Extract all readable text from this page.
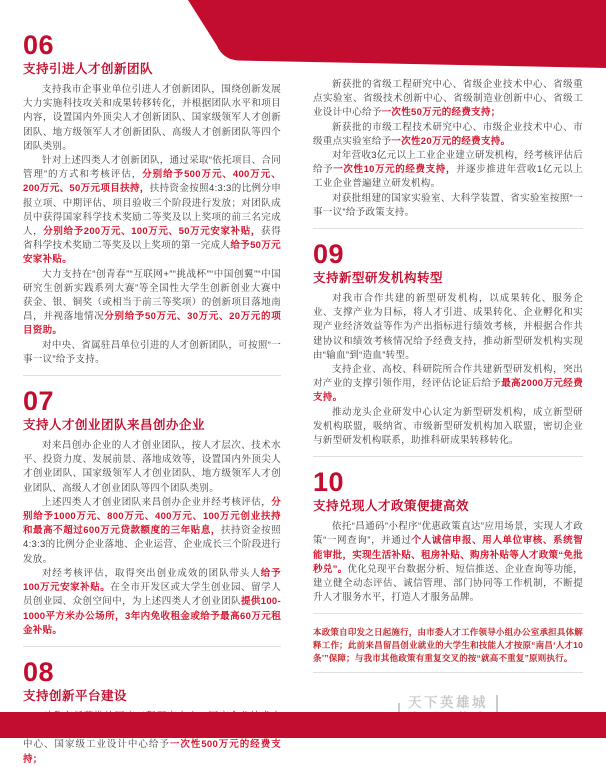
06
支持引进人才创新团队

支持我市企事业单位引进人才创新团队，围绕创新发展大力实施科技攻关和成果转移转化，并根据团队水平和项目内容，设置国内外顶尖人才创新团队、国家级领军人才创新团队、地方级领军人才创新团队、高级人才创新团队等四个团队类别。

针对上述四类人才创新团队，通过采取“依托项目、合同管理”的方式和考核评估，分别给予500万元、400万元、200万元、50万元项目扶持，扶持资金按照4:3:3的比例分申报立项、中期评估、项目验收三个阶段进行发放；对团队成员中获得国家科学技术奖励二等奖及以上奖项的前三名完成人，分别给予200万元、100万元、50万元安家补贴，获得省科学技术奖励二等奖及以上奖项的第一完成人给予50万元安家补贴。

大力支持在“创青春”“互联网+”“挑战杯”“中国创翼”“中国研究生创新实践系列大赛”等全国性大学生创新创业大赛中获金、银、铜奖（或相当于前三等奖项）的创新项目落地南昌，并视落地情况分别给予50万元、30万元、20万元的项目资助。

对中央、省属驻昌单位引进的人才创新团队，可按照“一事一议”给予支持。

07
支持人才创业团队来昌创办企业

对来昌创办企业的人才创业团队，按人才层次、技术水平、投资力度、发展前景、落地成效等，设置国内外顶尖人才创业团队、国家级领军人才创业团队、地方级领军人才创业团队、高级人才创业团队等四个团队类别。

上述四类人才创业团队来昌创办企业并经考核评估，分别给予1000万元、800万元、400万元、100万元创业扶持和最高不超过600万元贷款额度的三年贴息，扶持资金按照4:3:3的比例分企业落地、企业运营、企业成长三个阶段进行发放。

对经考核评估，取得突出创业成效的团队带头人给予100万元安家补贴。在全市开发区或大学生创业园、留学人员创业园、众创空间中，为上述四类人才创业团队提供100-1000平方米办公场所，3年内免收租金或给予最高60万元租金补贴。

08
支持创新平台建设

中心、国家级工业设计中心给予一次性500万元的经费支持；

新获批的省级工程研究中心、省级企业技术中心、省级重点实验室、省级技术创新中心、省级制造业创新中心、省级工业设计中心给予一次性50万元的经费支持；

新获批的市级工程技术研究中心、市级企业技术中心、市级重点实验室给予一次性20万元的经费支持。

对年营收3亿元以上工业企业建立研发机构，经考核评估后给予一次性10万元的经费支持，并逐步推进年营收1亿元以上工业企业普遍建立研发机构。

对获批组建的国家实验室、大科学装置、省实验室按照“一事一议”给予政策支持。

09
支持新型研发机构转型

对我市合作共建的新型研发机构，以成果转化、服务企业、支撑产业为目标，将人才引进、成果转化、企业孵化和实现产业经济效益等作为产出指标进行绩效考核，并根据合作共建协议和绩效考核情况给予经费支持，推动新型研发机构实现由“输血”到“造血”转型。

支持企业、高校、科研院所合作共建新型研发机构，突出对产业的支撑引领作用，经评估论证后给予最高2000万元经费支持。

推动龙头企业研发中心认定为新型研发机构，成立新型研发机构联盟，吸纳省、市级新型研发机构加入联盟，密切企业与新型研发机构联系，助推科研成果转移转化。

10
支持兑现人才政策便捷高效

依托“昌通码”小程序“优惠政策直达”应用场景，实现人才政策“一网查询”，并通过个人诚信申报、用人单位审核、系统智能审批，实现生活补贴、租房补贴、购房补贴等人才政策“免批秒兑”。优化兑现平台数据分析、短信推送、企业查询等功能，建立健全动态评估、诚信管理、部门协同等工作机制，不断提升人才服务水平，打造人才服务品牌。

本政策自印发之日起施行，由市委人才工作领导小组办公室承担具体解释工作；此前来昌留昌创业就业的大学生和技能人才按原“南昌‘人才10条’”保障；与我市其他政策有重复交叉的按“就高不重复”原则执行。
天下英雄城
